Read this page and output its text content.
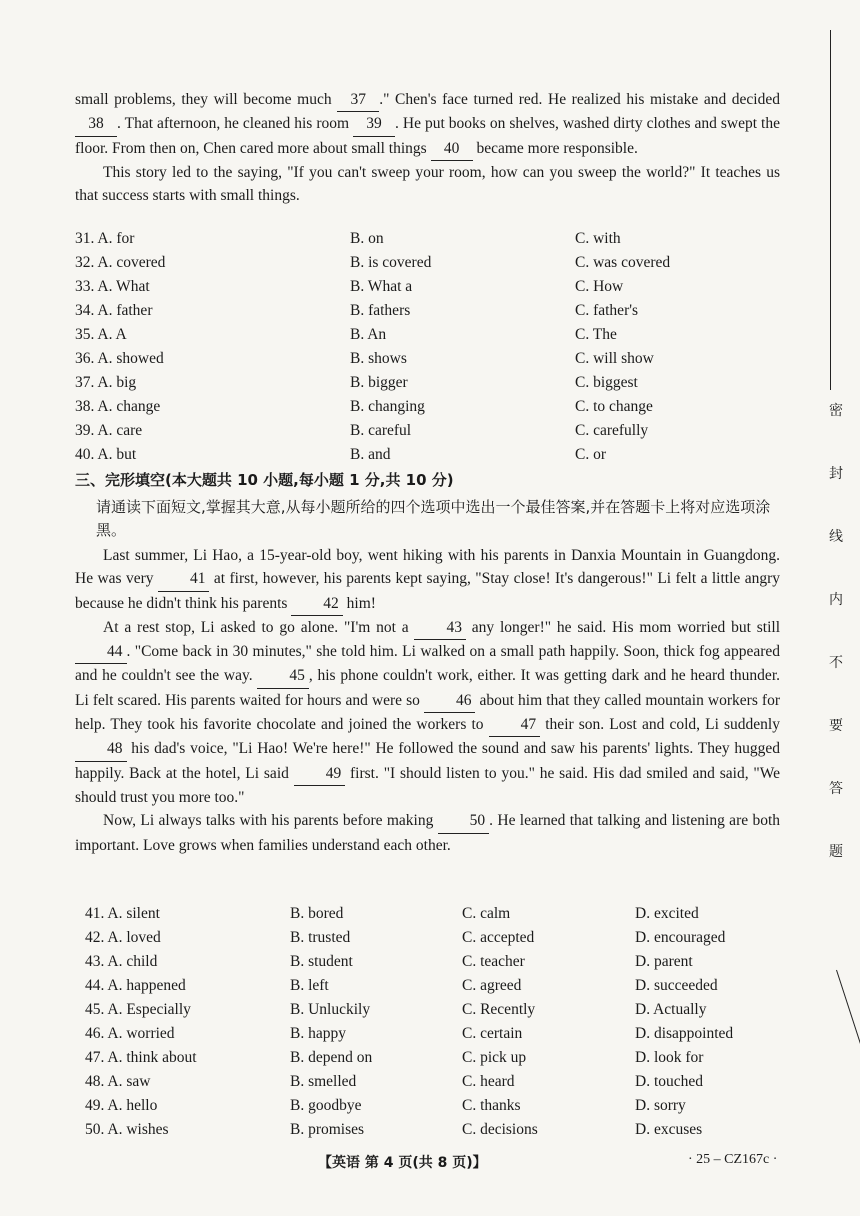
small problems, they will become much 37 ." Chen's face turned red. He realized his mistake and decided 38 . That afternoon, he cleaned his room 39 . He put books on shelves, washed dirty clothes and swept the floor. From then on, Chen cared more about small things 40 became more responsible.
This story led to the saying, "If you can't sweep your room, how can you sweep the world?" It teaches us that success starts with small things.
31. A. for	B. on	C. with
32. A. covered	B. is covered	C. was covered
33. A. What	B. What a	C. How
34. A. father	B. fathers	C. father's
35. A. A	B. An	C. The
36. A. showed	B. shows	C. will show
37. A. big	B. bigger	C. biggest
38. A. change	B. changing	C. to change
39. A. care	B. careful	C. carefully
40. A. but	B. and	C. or
三、完形填空(本大题共 10 小题,每小题 1 分,共 10 分)
请通读下面短文,掌握其大意,从每小题所给的四个选项中选出一个最佳答案,并在答题卡上将对应选项涂黑。
Last summer, Li Hao, a 15-year-old boy, went hiking with his parents in Danxia Mountain in Guangdong. He was very 41 at first, however, his parents kept saying, "Stay close! It's dangerous!" Li felt a little angry because he didn't think his parents 42 him!
At a rest stop, Li asked to go alone. "I'm not a 43 any longer!" he said. His mom worried but still 44 . "Come back in 30 minutes," she told him. Li walked on a small path happily. Soon, thick fog appeared and he couldn't see the way. 45 , his phone couldn't work, either. It was getting dark and he heard thunder. Li felt scared. His parents waited for hours and were so 46 about him that they called mountain workers for help. They took his favorite chocolate and joined the workers to 47 their son. Lost and cold, Li suddenly 48 his dad's voice, "Li Hao! We're here!" He followed the sound and saw his parents' lights. They hugged happily. Back at the hotel, Li said 49 first. "I should listen to you." he said. His dad smiled and said, "We should trust you more too."
Now, Li always talks with his parents before making 50 . He learned that talking and listening are both important. Love grows when families understand each other.
41. A. silent	B. bored	C. calm	D. excited
42. A. loved	B. trusted	C. accepted	D. encouraged
43. A. child	B. student	C. teacher	D. parent
44. A. happened	B. left	C. agreed	D. succeeded
45. A. Especially	B. Unluckily	C. Recently	D. Actually
46. A. worried	B. happy	C. certain	D. disappointed
47. A. think about	B. depend on	C. pick up	D. look for
48. A. saw	B. smelled	C. heard	D. touched
49. A. hello	B. goodbye	C. thanks	D. sorry
50. A. wishes	B. promises	C. decisions	D. excuses
【英语 第 4 页(共 8 页)】	· 25 – CZ167c ·
密
封
线
内
不
要
答
题
